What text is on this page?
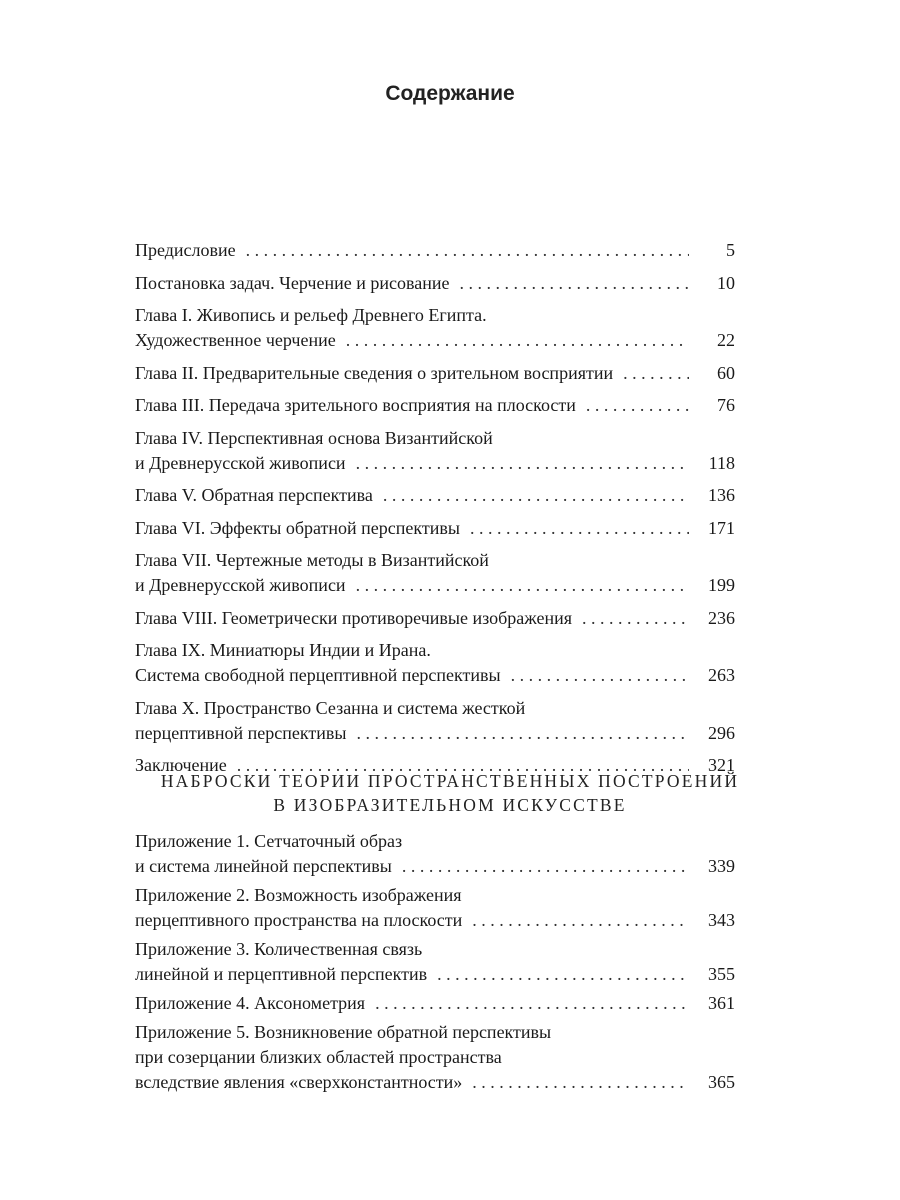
Содержание
Предисловие . . .	5
Постановка задач. Черчение и рисование . . .	10
Глава I. Живопись и рельеф Древнего Египта.
Художественное черчение . . .	22
Глава II. Предварительные сведения о зрительном восприятии . . .	60
Глава III. Передача зрительного восприятия на плоскости . . .	76
Глава IV. Перспективная основа Византийской
и Древнерусской живописи . . .	118
Глава V. Обратная перспектива . . .	136
Глава VI. Эффекты обратной перспективы . . .	171
Глава VII. Чертежные методы в Византийской
и Древнерусской живописи . . .	199
Глава VIII. Геометрически противоречивые изображения . . .	236
Глава IX. Миниатюры Индии и Ирана.
Система свободной перцептивной перспективы . . .	263
Глава X. Пространство Сезанна и система жесткой
перцептивной перспективы . . .	296
Заключение . . .	321
НАБРОСКИ ТЕОРИИ ПРОСТРАНСТВЕННЫХ ПОСТРОЕНИЙ
В ИЗОБРАЗИТЕЛЬНОМ ИСКУССТВЕ
Приложение 1. Сетчаточный образ
и система линейной перспективы . . .	339
Приложение 2. Возможность изображения
перцептивного пространства на плоскости . . .	343
Приложение 3. Количественная связь
линейной и перцептивной перспектив . . .	355
Приложение 4. Аксонометрия . . .	361
Приложение 5. Возникновение обратной перспективы
при созерцании близких областей пространства
вследствие явления «сверхконстантности» . . .	365
